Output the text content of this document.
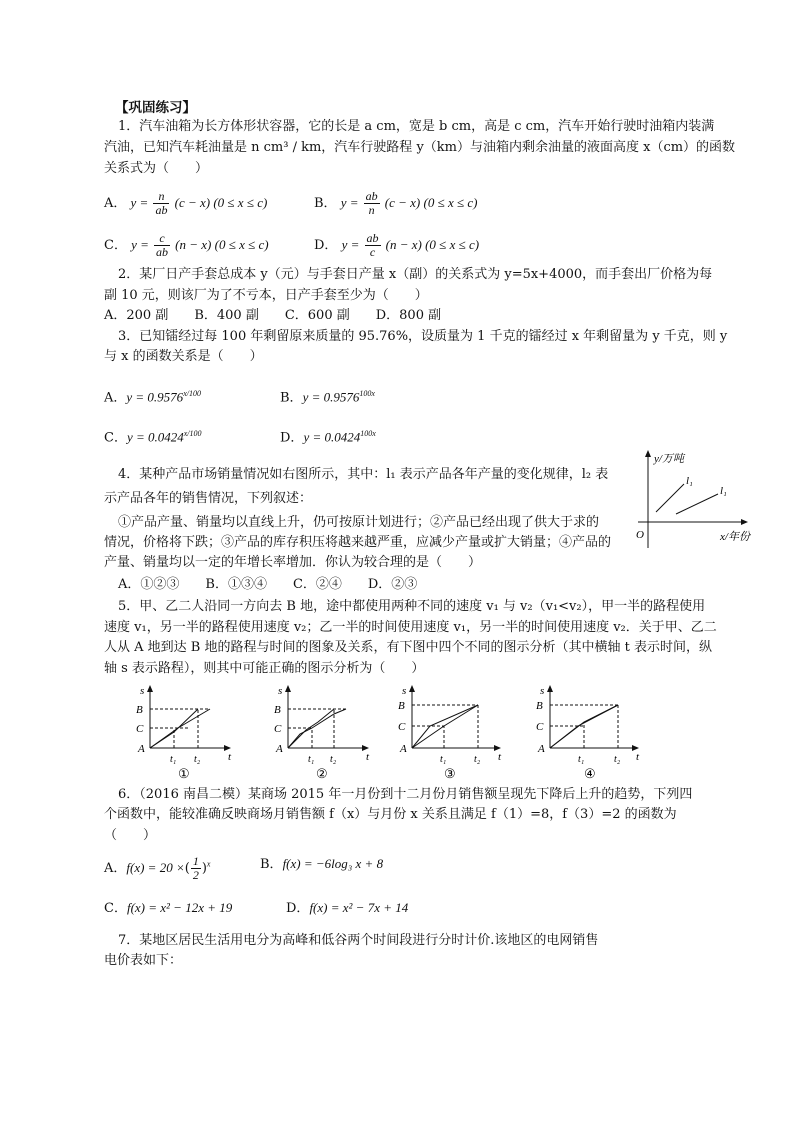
【巩固练习】
1．汽车油箱为长方体形状容器，它的长是 a cm，宽是 b cm，高是 c cm，汽车开始行驶时油箱内装满
汽油，已知汽车耗油量是 n cm³ / km，汽车行驶路程 y（km）与油箱内剩余油量的液面高度 x（cm）的函数
关系式为（　　）
A． $y = \frac{n}{ab} (c - x) (0 \le x \le c)$	B． $y = \frac{ab}{n} (c - x) (0 \le x \le c)$
C． $y = \frac{c}{ab} (n - x) (0 \le x \le c)$	D． $y = \frac{ab}{c} (n - x) (0 \le x \le c)$
2．某厂日产手套总成本 y（元）与手套日产量 x（副）的关系式为 y=5x+4000，而手套出厂价格为每
副 10 元，则该厂为了不亏本，日产手套至少为（　　）
A．200 副　　B．400 副　　C．600 副　　D．800 副
3．已知镭经过每 100 年剩留原来质量的 95.76%，设质量为 1 千克的镭经过 x 年剩留量为 y 千克，则 y
与 x 的函数关系是（　　）
A．$y = 0.9576^{x/100}$	B．$y = 0.9576^{100x}$
C．$y = 0.0424^{x/100}$	D．$y = 0.0424^{100x}$
4．某种产品市场销量情况如右图所示，其中：l₁ 表示产品各年产量的变化规律，l₂ 表
示产品各年的销售情况，下列叙述：
①产品产量、销量均以直线上升，仍可按原计划进行；②产品已经出现了供大于求的
情况，价格将下跌；③产品的库存积压将越来越严重，应减少产量或扩大销量；④产品的
产量、销量均以一定的年增长率增加．你认为较合理的是（　　）
A．①②③　　B．①③④　　C．②④　　D．②③
y/万吨
x/年份
O
l₁
l₁
5．甲、乙二人沿同一方向去 B 地，途中都使用两种不同的速度 v₁ 与 v₂（v₁<v₂），甲一半的路程使用
速度 v₁，另一半的路程使用速度 v₂；乙一半的时间使用速度 v₁，另一半的时间使用速度 v₂．关于甲、乙二
人从 A 地到达 B 地的路程与时间的图象及关系，有下图中四个不同的图示分析（其中横轴 t 表示时间，纵
轴 s 表示路程），则其中可能正确的图示分析为（　　）
s
t
B
C
A
t₁ t₂
①
s
t
B
C
A
t₁ t₂
②
s
t
B
C
A
t₁	t₂
③
s
t
B
C
A
t₁	t₂
④
6．（2016 南昌二模）某商场 2015 年一月份到十二月份月销售额呈现先下降后上升的趋势，下列四
个函数中，能较准确反映商场月销售额 f（x）与月份 x 关系且满足 f（1）=8，f（3）=2 的函数为
（　　）
A．f(x) = 20 ×( $\frac{1}{2} )^x$	B．f(x) = −6log₃ x + 8
C．f(x) = x² − 12x + 19	D．f(x) = x² − 7x + 14
7．某地区居民生活用电分为高峰和低谷两个时间段进行分时计价.该地区的电网销售
电价表如下：
